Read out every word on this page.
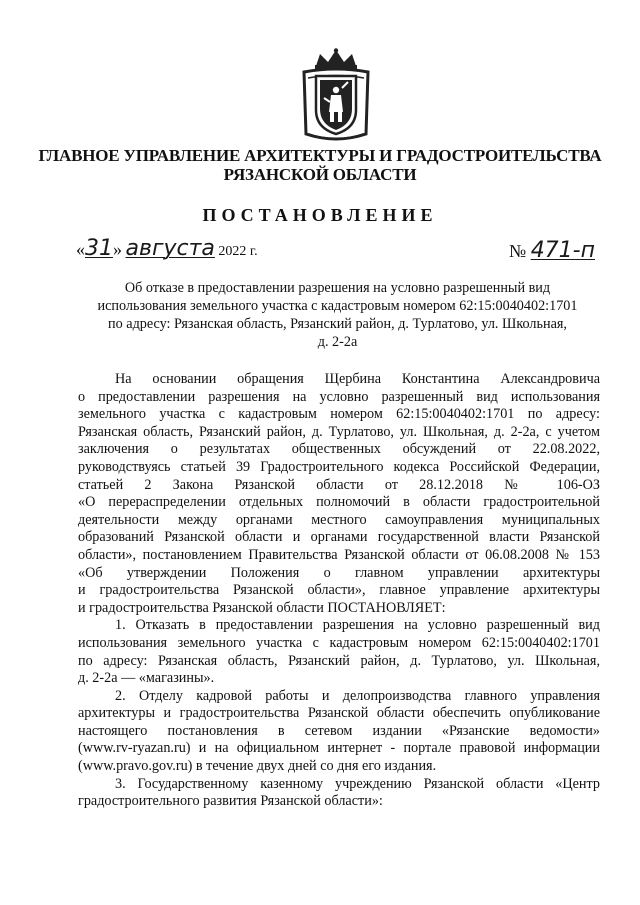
ГЛАВНОЕ УПРАВЛЕНИЕ АРХИТЕКТУРЫ И ГРАДОСТРОИТЕЛЬСТВА
РЯЗАНСКОЙ ОБЛАСТИ
ПОСТАНОВЛЕНИЕ
«31» августа 2022 г.	№ 471-п
Об отказе в предоставлении разрешения на условно разрешенный вид
использования земельного участка с кадастровым номером 62:15:0040402:1701
по адресу: Рязанская область, Рязанский район, д. Турлатово, ул. Школьная,
д. 2-2а
На основании обращения Щербина Константина Александровича
о предоставлении разрешения на условно разрешенный вид использования
земельного участка с кадастровым номером 62:15:0040402:1701 по адресу:
Рязанская область, Рязанский район, д. Турлатово, ул. Школьная, д. 2-2а, с учетом
заключения о результатах общественных обсуждений от 22.08.2022,
руководствуясь статьей 39 Градостроительного кодекса Российской Федерации,
статьей 2 Закона Рязанской области от 28.12.2018 № 106-ОЗ
«О перераспределении отдельных полномочий в области градостроительной
деятельности между органами местного самоуправления муниципальных
образований Рязанской области и органами государственной власти Рязанской
области», постановлением Правительства Рязанской области от 06.08.2008 № 153
«Об утверждении Положения о главном управлении архитектуры
и градостроительства Рязанской области», главное управление архитектуры
и градостроительства Рязанской области ПОСТАНОВЛЯЕТ:
1. Отказать в предоставлении разрешения на условно разрешенный вид
использования земельного участка с кадастровым номером 62:15:0040402:1701
по адресу: Рязанская область, Рязанский район, д. Турлатово, ул. Школьная,
д. 2-2а — «магазины».
2. Отделу кадровой работы и делопроизводства главного управления
архитектуры и градостроительства Рязанской области обеспечить опубликование
настоящего постановления в сетевом издании «Рязанские ведомости»
(www.rv-ryazan.ru) и на официальном интернет - портале правовой информации
(www.pravo.gov.ru) в течение двух дней со дня его издания.
3. Государственному казенному учреждению Рязанской области «Центр
градостроительного развития Рязанской области»:
